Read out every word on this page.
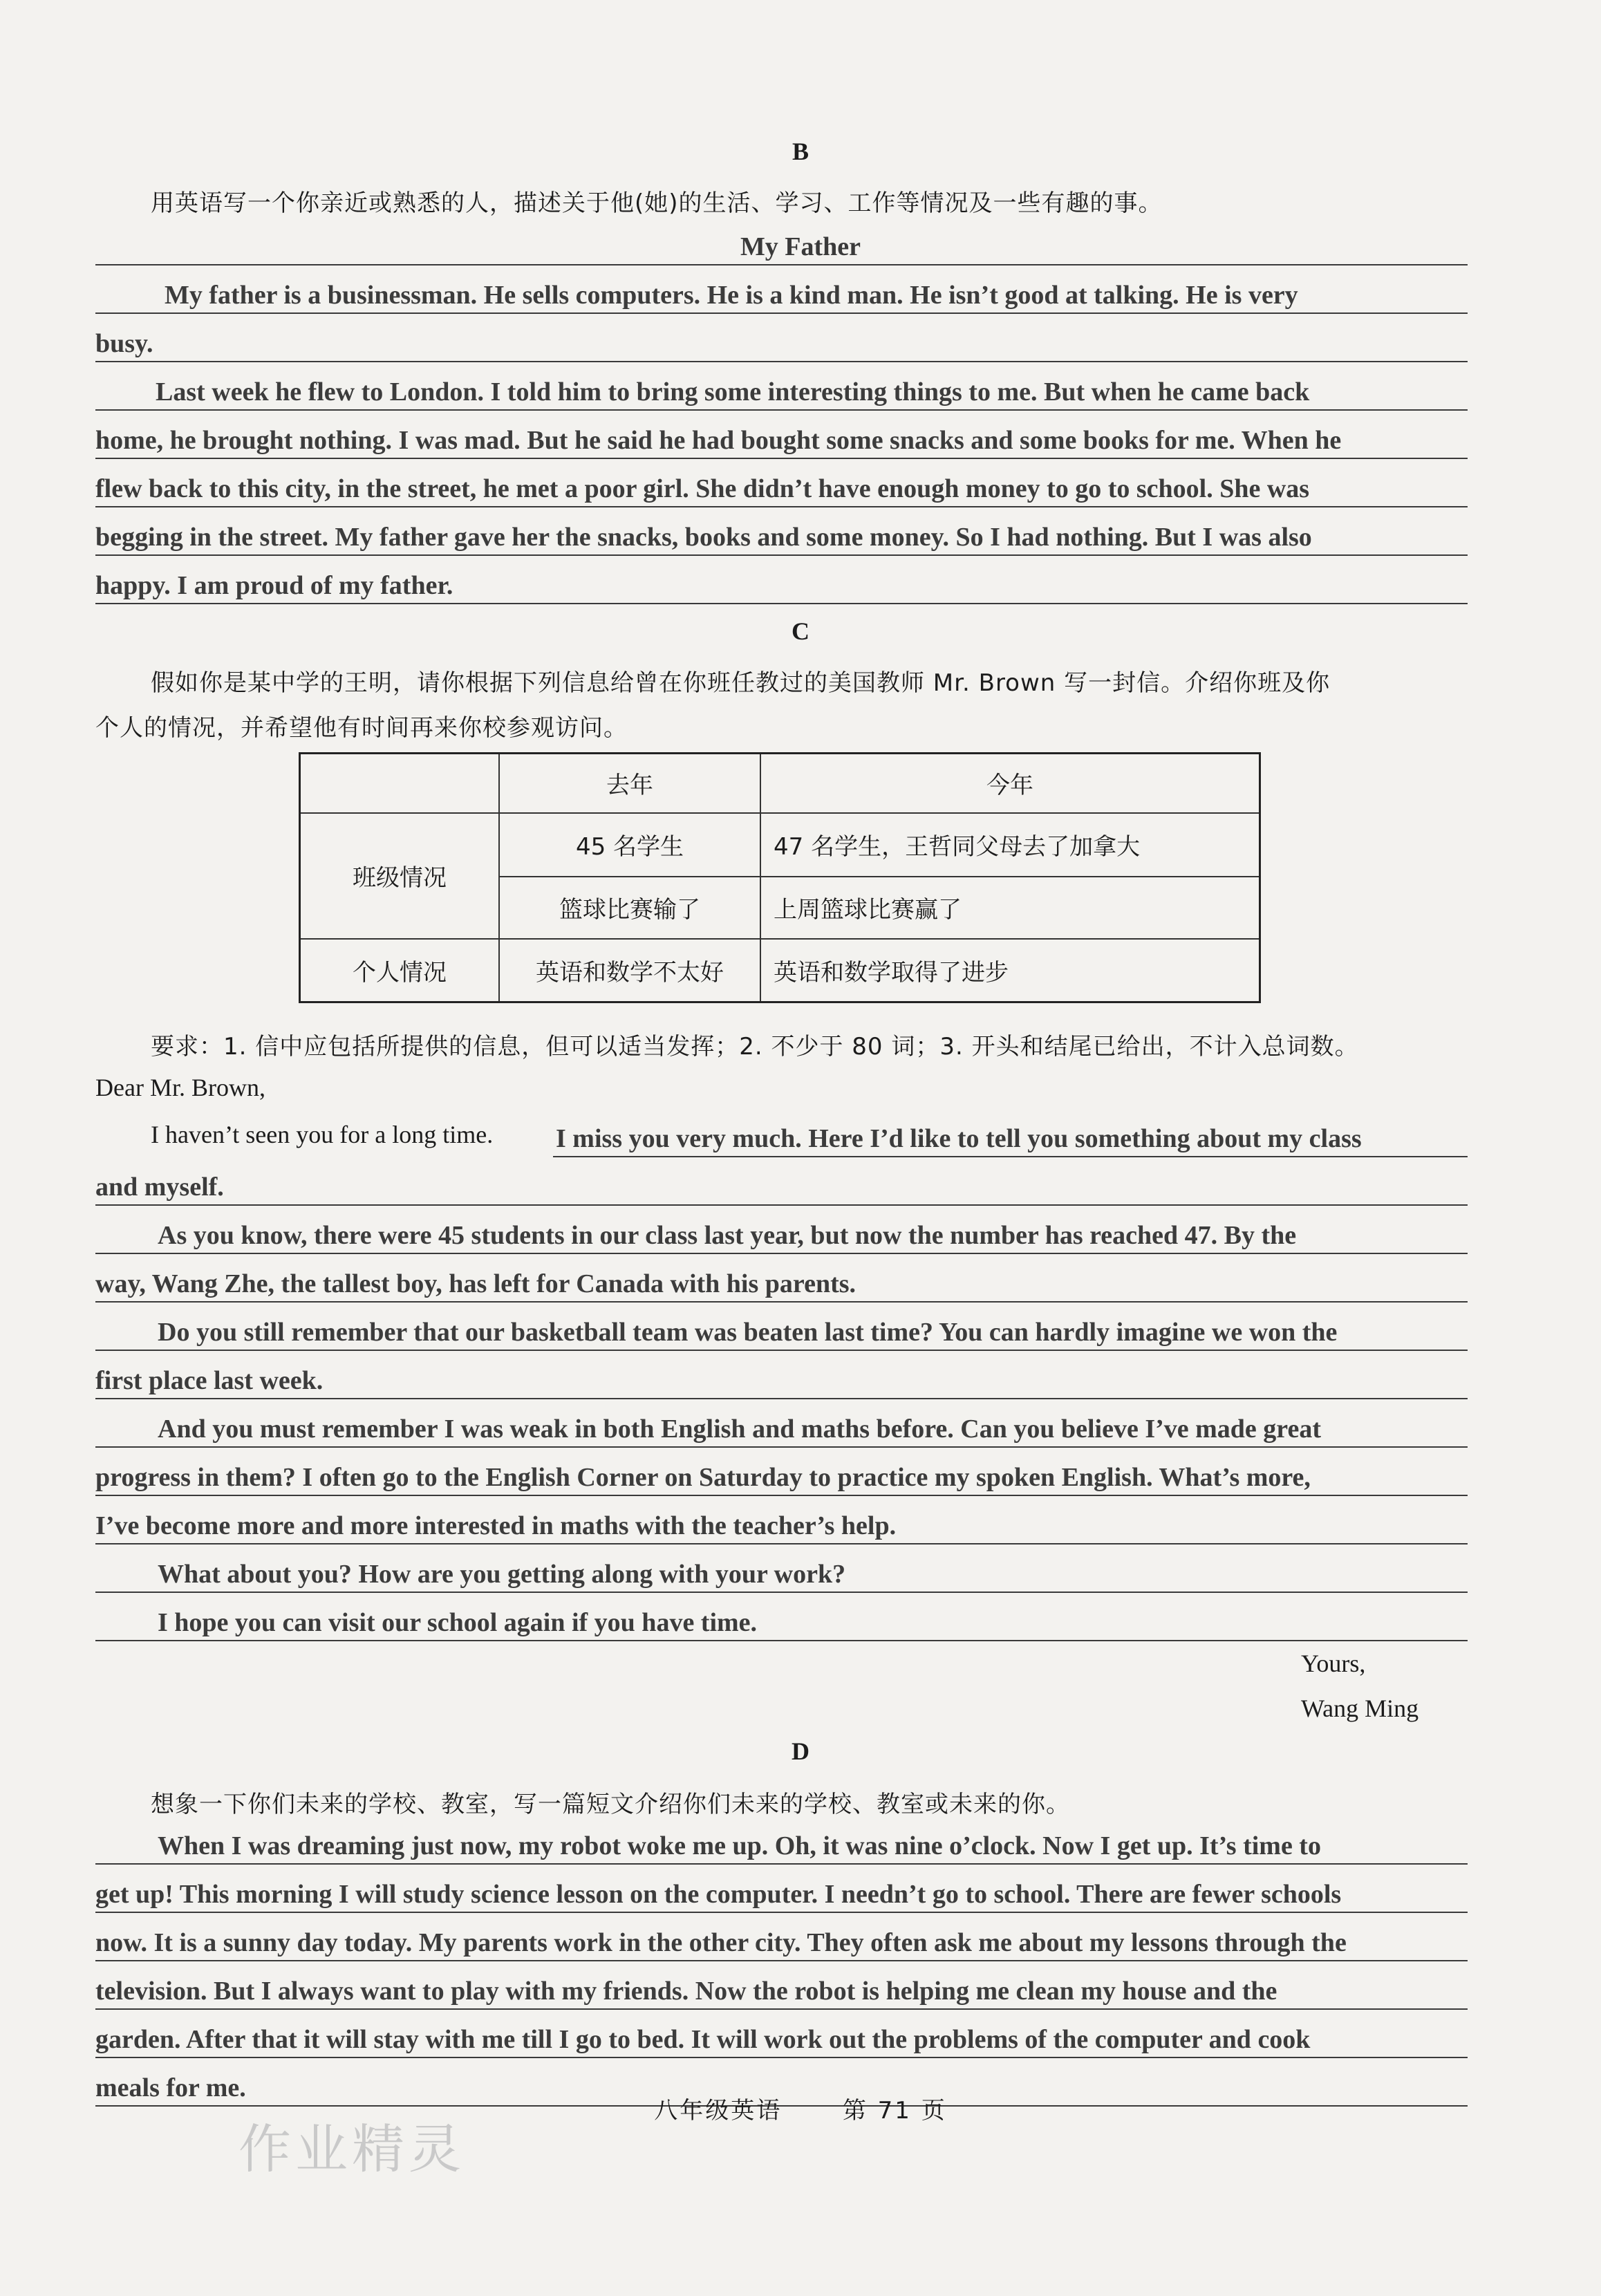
B
用英语写一个你亲近或熟悉的人，描述关于他(她)的生活、学习、工作等情况及一些有趣的事。
My Father
My father is a businessman. He sells computers. He is a kind man. He isn’t good at talking. He is very
busy.
Last week he flew to London. I told him to bring some interesting things to me. But when he came back
home, he brought nothing. I was mad. But he said he had bought some snacks and some books for me. When he
flew back to this city, in the street, he met a poor girl. She didn’t have enough money to go to school. She was
begging in the street. My father gave her the snacks, books and some money. So I had nothing. But I was also
happy. I am proud of my father.
C
假如你是某中学的王明，请你根据下列信息给曾在你班任教过的美国教师 Mr. Brown 写一封信。介绍你班及你
个人的情况，并希望他有时间再来你校参观访问。
	去年	今年
班级情况	45 名学生	47 名学生，王哲同父母去了加拿大
	篮球比赛输了	上周篮球比赛赢了
个人情况	英语和数学不太好	英语和数学取得了进步
要求：1. 信中应包括所提供的信息，但可以适当发挥；2. 不少于 80 词；3. 开头和结尾已给出，不计入总词数。
Dear Mr. Brown,
I haven’t seen you for a long time. I miss you very much. Here I’d like to tell you something about my class
and myself.
As you know, there were 45 students in our class last year, but now the number has reached 47. By the
way, Wang Zhe, the tallest boy, has left for Canada with his parents.
Do you still remember that our basketball team was beaten last time? You can hardly imagine we won the
first place last week.
And you must remember I was weak in both English and maths before. Can you believe I’ve made great
progress in them? I often go to the English Corner on Saturday to practice my spoken English. What’s more,
I’ve become more and more interested in maths with the teacher’s help.
What about you? How are you getting along with your work?
I hope you can visit our school again if you have time.
Yours,
Wang Ming
D
想象一下你们未来的学校、教室，写一篇短文介绍你们未来的学校、教室或未来的你。
When I was dreaming just now, my robot woke me up. Oh, it was nine o’clock. Now I get up. It’s time to
get up! This morning I will study science lesson on the computer. I needn’t go to school. There are fewer schools
now. It is a sunny day today. My parents work in the other city. They often ask me about my lessons through the
television. But I always want to play with my friends. Now the robot is helping me clean my house and the
garden. After that it will stay with me till I go to bed. It will work out the problems of the computer and cook
meals for me.
作业精灵
八年级英语	第 71 页
